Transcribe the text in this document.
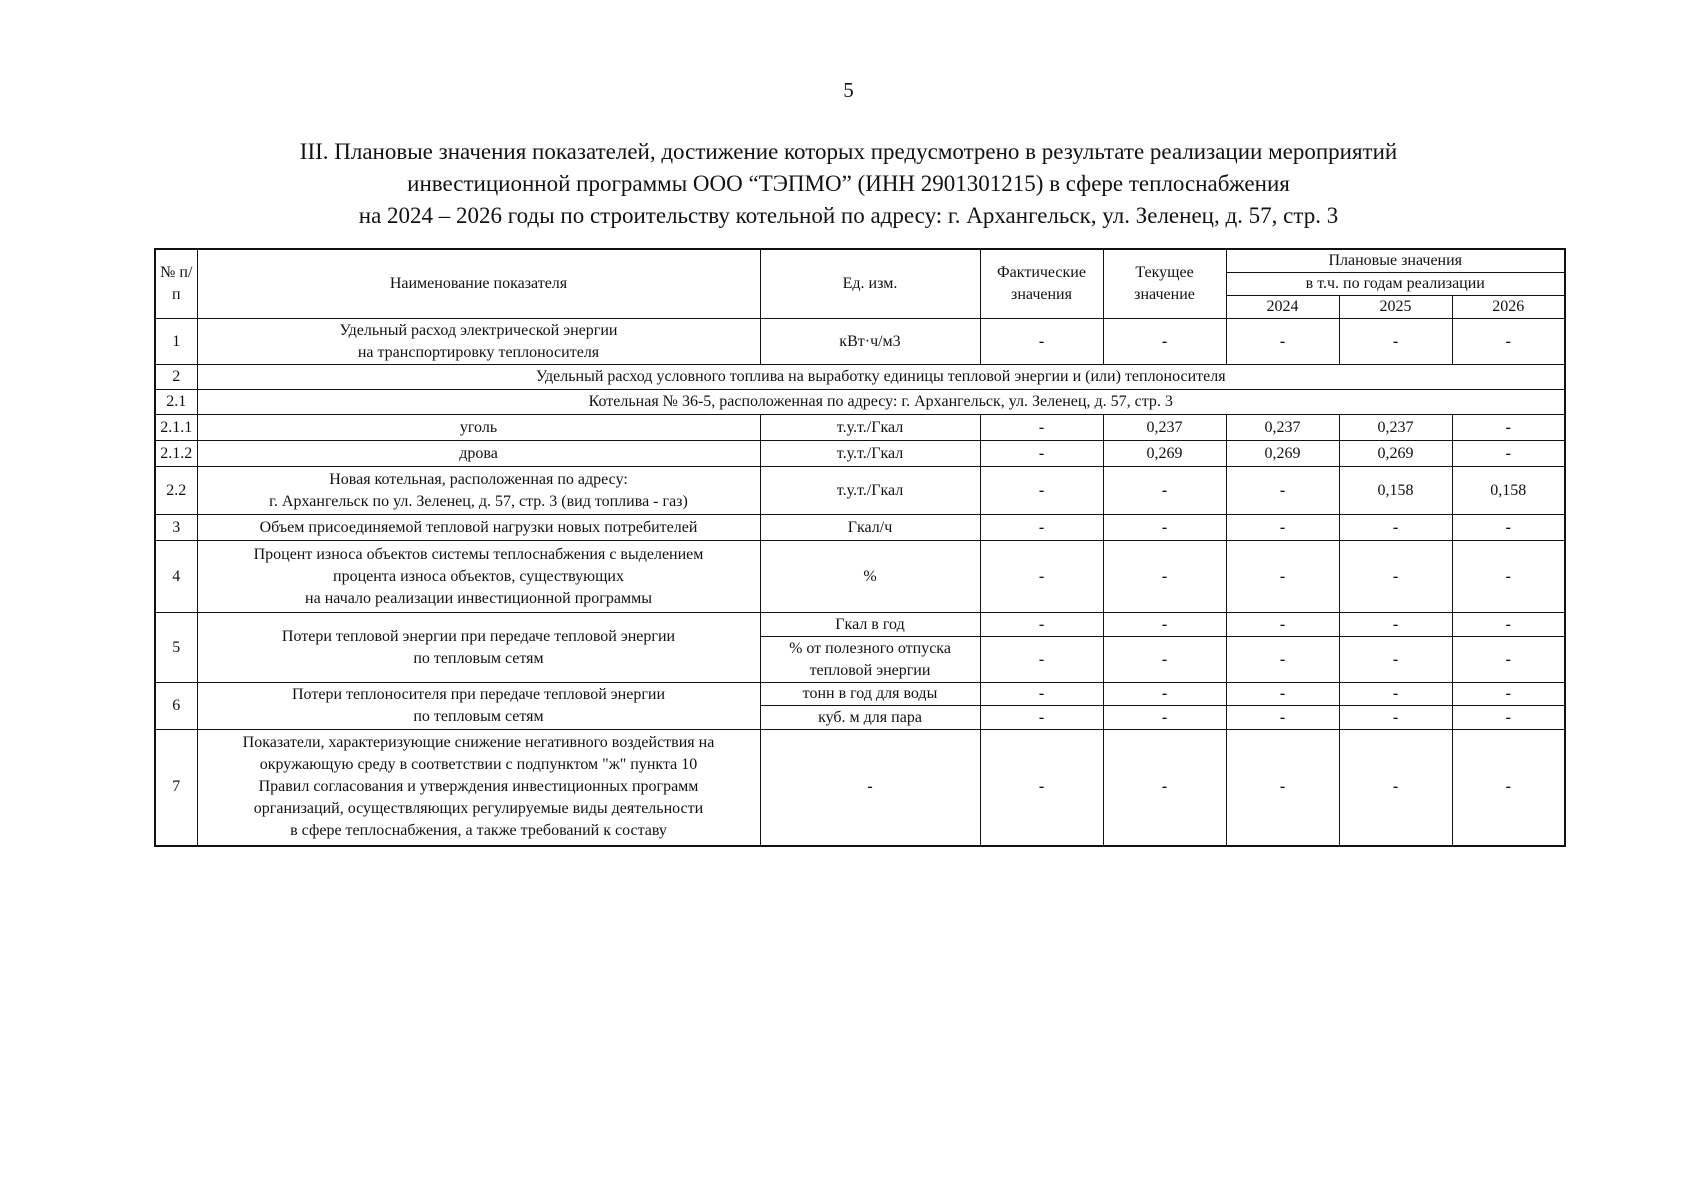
5
III. Плановые значения показателей, достижение которых предусмотрено в результате реализации мероприятий
инвестиционной программы ООО “ТЭПМО” (ИНН 2901301215) в сфере теплоснабжения
на 2024 – 2026 годы по строительству котельной по адресу: г. Архангельск, ул. Зеленец, д. 57, стр. 3
№ п/п	Наименование показателя	Ед. изм.	Фактические значения	Текущее значение	Плановые значения		
					в т.ч. по годам реализации		
					2024	2025	2026
1	Удельный расход электрической энергии
на транспортировку теплоносителя	кВт·ч/м3	-	-	-	-	-
2	Удельный расход условного топлива на выработку единицы тепловой энергии и (или) теплоносителя						
2.1	Котельная № 36-5, расположенная по адресу: г. Архангельск, ул. Зеленец, д. 57, стр. 3						
2.1.1	уголь	т.у.т./Гкал	-	0,237	0,237	0,237	-
2.1.2	дрова	т.у.т./Гкал	-	0,269	0,269	0,269	-
2.2	Новая котельная, расположенная по адресу:
г. Архангельск по ул. Зеленец, д. 57, стр. 3 (вид топлива - газ)	т.у.т./Гкал	-	-	-	0,158	0,158
3	Объем присоединяемой тепловой нагрузки новых потребителей	Гкал/ч	-	-	-	-	-
4	Процент износа объектов системы теплоснабжения с выделением
процента износа объектов, существующих
на начало реализации инвестиционной программы	%	-	-	-	-	-
5	Потери тепловой энергии при передаче тепловой энергии
по тепловым сетям	Гкал в год	-	-	-	-	-

		% от полезного отпуска
тепловой энергии	-	-	-	-	-
6	Потери теплоносителя при передаче тепловой энергии
по тепловым сетям	тонн в год для воды	-	-	-	-	-
		куб. м для пара	-	-	-	-	-
7	Показатели, характеризующие снижение негативного воздействия на
окружающую среду в соответствии с подпунктом "ж" пункта 10
Правил согласования и утверждения инвестиционных программ
организаций, осуществляющих регулируемые виды деятельности
в сфере теплоснабжения, а также требований к составу	-	-	-	-	-	-
